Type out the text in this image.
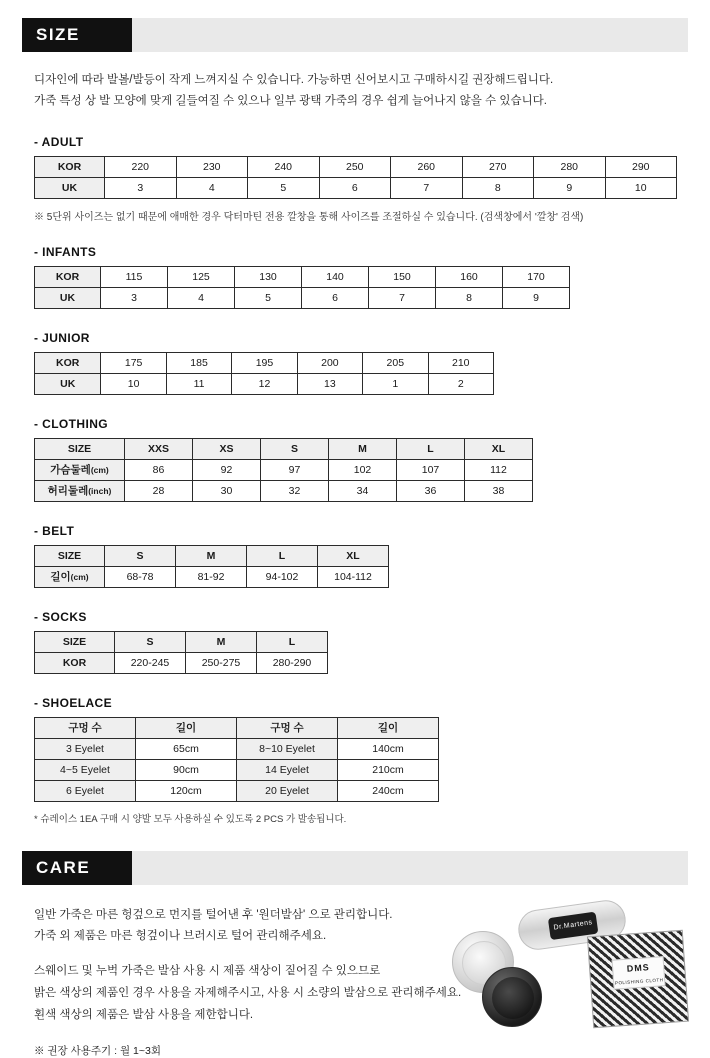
SIZE
디자인에 따라 발볼/발등이 작게 느껴지실 수 있습니다. 가능하면 신어보시고 구매하시길 권장해드립니다.
가죽 특성 상 발 모양에 맞게 길들여질 수 있으나 일부 광택 가죽의 경우 쉽게 늘어나지 않을 수 있습니다.
- ADULT
KOR	220	230	240	250	260	270	280	290
UK	3	4	5	6	7	8	9	10
※ 5단위 사이즈는 없기 때문에 애매한 경우 닥터마틴 전용 깔창을 통해 사이즈를 조절하실 수 있습니다. (검색창에서 '깔창' 검색)
- INFANTS
KOR	115	125	130	140	150	160	170
UK	3	4	5	6	7	8	9
- JUNIOR
KOR	175	185	195	200	205	210
UK	10	11	12	13	1	2
- CLOTHING
SIZE	XXS	XS	S	M	L	XL
가슴둘레(cm)	86	92	97	102	107	112
허리둘레(inch)	28	30	32	34	36	38
- BELT
SIZE	S	M	L	XL
길이(cm)	68-78	81-92	94-102	104-112
- SOCKS
SIZE	S	M	L
KOR	220-245	250-275	280-290
- SHOELACE
구멍 수	길이	구멍 수	길이
3 Eyelet	65cm	8~10 Eyelet	140cm
4~5 Eyelet	90cm	14 Eyelet	210cm
6 Eyelet	120cm	20 Eyelet	240cm
* 슈레이스 1EA 구매 시 양발 모두 사용하실 수 있도록 2 PCS 가 발송됩니다.
CARE
Dr.Martens
DMS
POLISHING CLOTH

일반 가죽은 마른 헝겊으로 먼지를 털어낸 후 '원더발삼' 으로 관리합니다.
가죽 외 제품은 마른 헝겊이나 브러시로 털어 관리해주세요.

스웨이드 및 누벅 가죽은 발삼 사용 시 제품 색상이 짙어질 수 있으므로
밝은 색상의 제품인 경우 사용을 자제해주시고, 사용 시 소량의 발삼으로 관리해주세요.
횐색 색상의 제품은 발삼 사용을 제한합니다.

※ 권장 사용주기 : 월 1~3회
